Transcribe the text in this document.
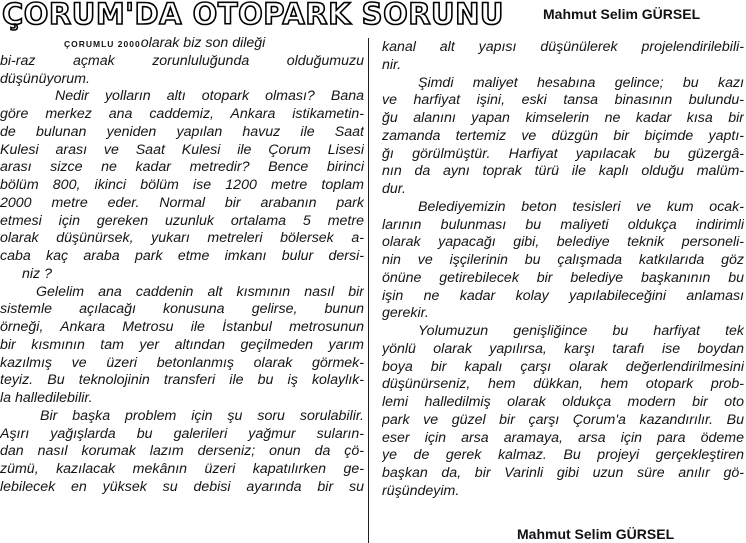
ÇORUM'DA OTOPARK SORUNU	Mahmut Selim GÜRSEL
ÇORUMLU 2000olarak biz son dileği
bi-raz açmak zorunluluğunda olduğumuzu
düşünüyorum.
Nedir yolların altı otopark olması? Bana
göre merkez ana caddemiz, Ankara istikametin-
de bulunan yeniden yapılan havuz ile Saat
Kulesi arası ve Saat Kulesi ile Çorum Lisesi
arası sizce ne kadar metredir? Bence birinci
bölüm 800, ikinci bölüm ise 1200 metre toplam
2000 metre eder. Normal bir arabanın park
etmesi için gereken uzunluk ortalama 5 metre
olarak düşünürsek, yukarı metreleri bölersek a-
caba kaç araba park etme imkanı bulur dersi-
niz ?
Gelelim ana caddenin alt kısmının nasıl bir
sistemle açılacağı konusuna gelirse, bunun
örneği, Ankara Metrosu ile İstanbul metrosunun
bir kısmının tam yer altından geçilmeden yarım
kazılmış ve üzeri betonlanmış olarak görmek-
teyiz. Bu teknolojinin transferi ile bu iş kolaylık-
la halledilebilir.
Bir başka problem için şu soru sorulabilir.
Aşırı yağışlarda bu galerileri yağmur suların-
dan nasıl korumak lazım derseniz; onun da çö-
zümü, kazılacak mekânın üzeri kapatılırken ge-
lebilecek en yüksek su debisi ayarında bir su
kanal alt yapısı düşünülerek projelendirilebili-
nir.
Şimdi maliyet hesabına gelince; bu kazı
ve harfiyat işini, eski tansa binasının bulundu-
ğu alanını yapan kimselerin ne kadar kısa bir
zamanda tertemiz ve düzgün bir biçimde yaptı-
ğı görülmüştür. Harfiyat yapılacak bu güzergâ-
nın da aynı toprak türü ile kaplı olduğu malüm-
dur.
Belediyemizin beton tesisleri ve kum ocak-
larının bulunması bu maliyeti oldukça indirimli
olarak yapacağı gibi, belediye teknik personeli-
nin ve işçilerinin bu çalışmada katkılarıda göz
önüne getirebilecek bir belediye başkanının bu
işin ne kadar kolay yapılabileceğini anlaması
gerekir.
Yolumuzun genişliğince bu harfiyat tek
yönlü olarak yapılırsa, karşı tarafı ise boydan
boya bir kapalı çarşı olarak değerlendirilmesini
düşünürseniz, hem dükkan, hem otopark prob-
lemi halledilmiş olarak oldukça modern bir oto
park ve güzel bir çarşı Çorum'a kazandırılır. Bu
eser için arsa aramaya, arsa için para ödeme
ye de gerek kalmaz. Bu projeyi gerçekleştiren
başkan da, bir Varinli gibi uzun süre anılır gö-
rüşündeyim.
Mahmut Selim GÜRSEL
